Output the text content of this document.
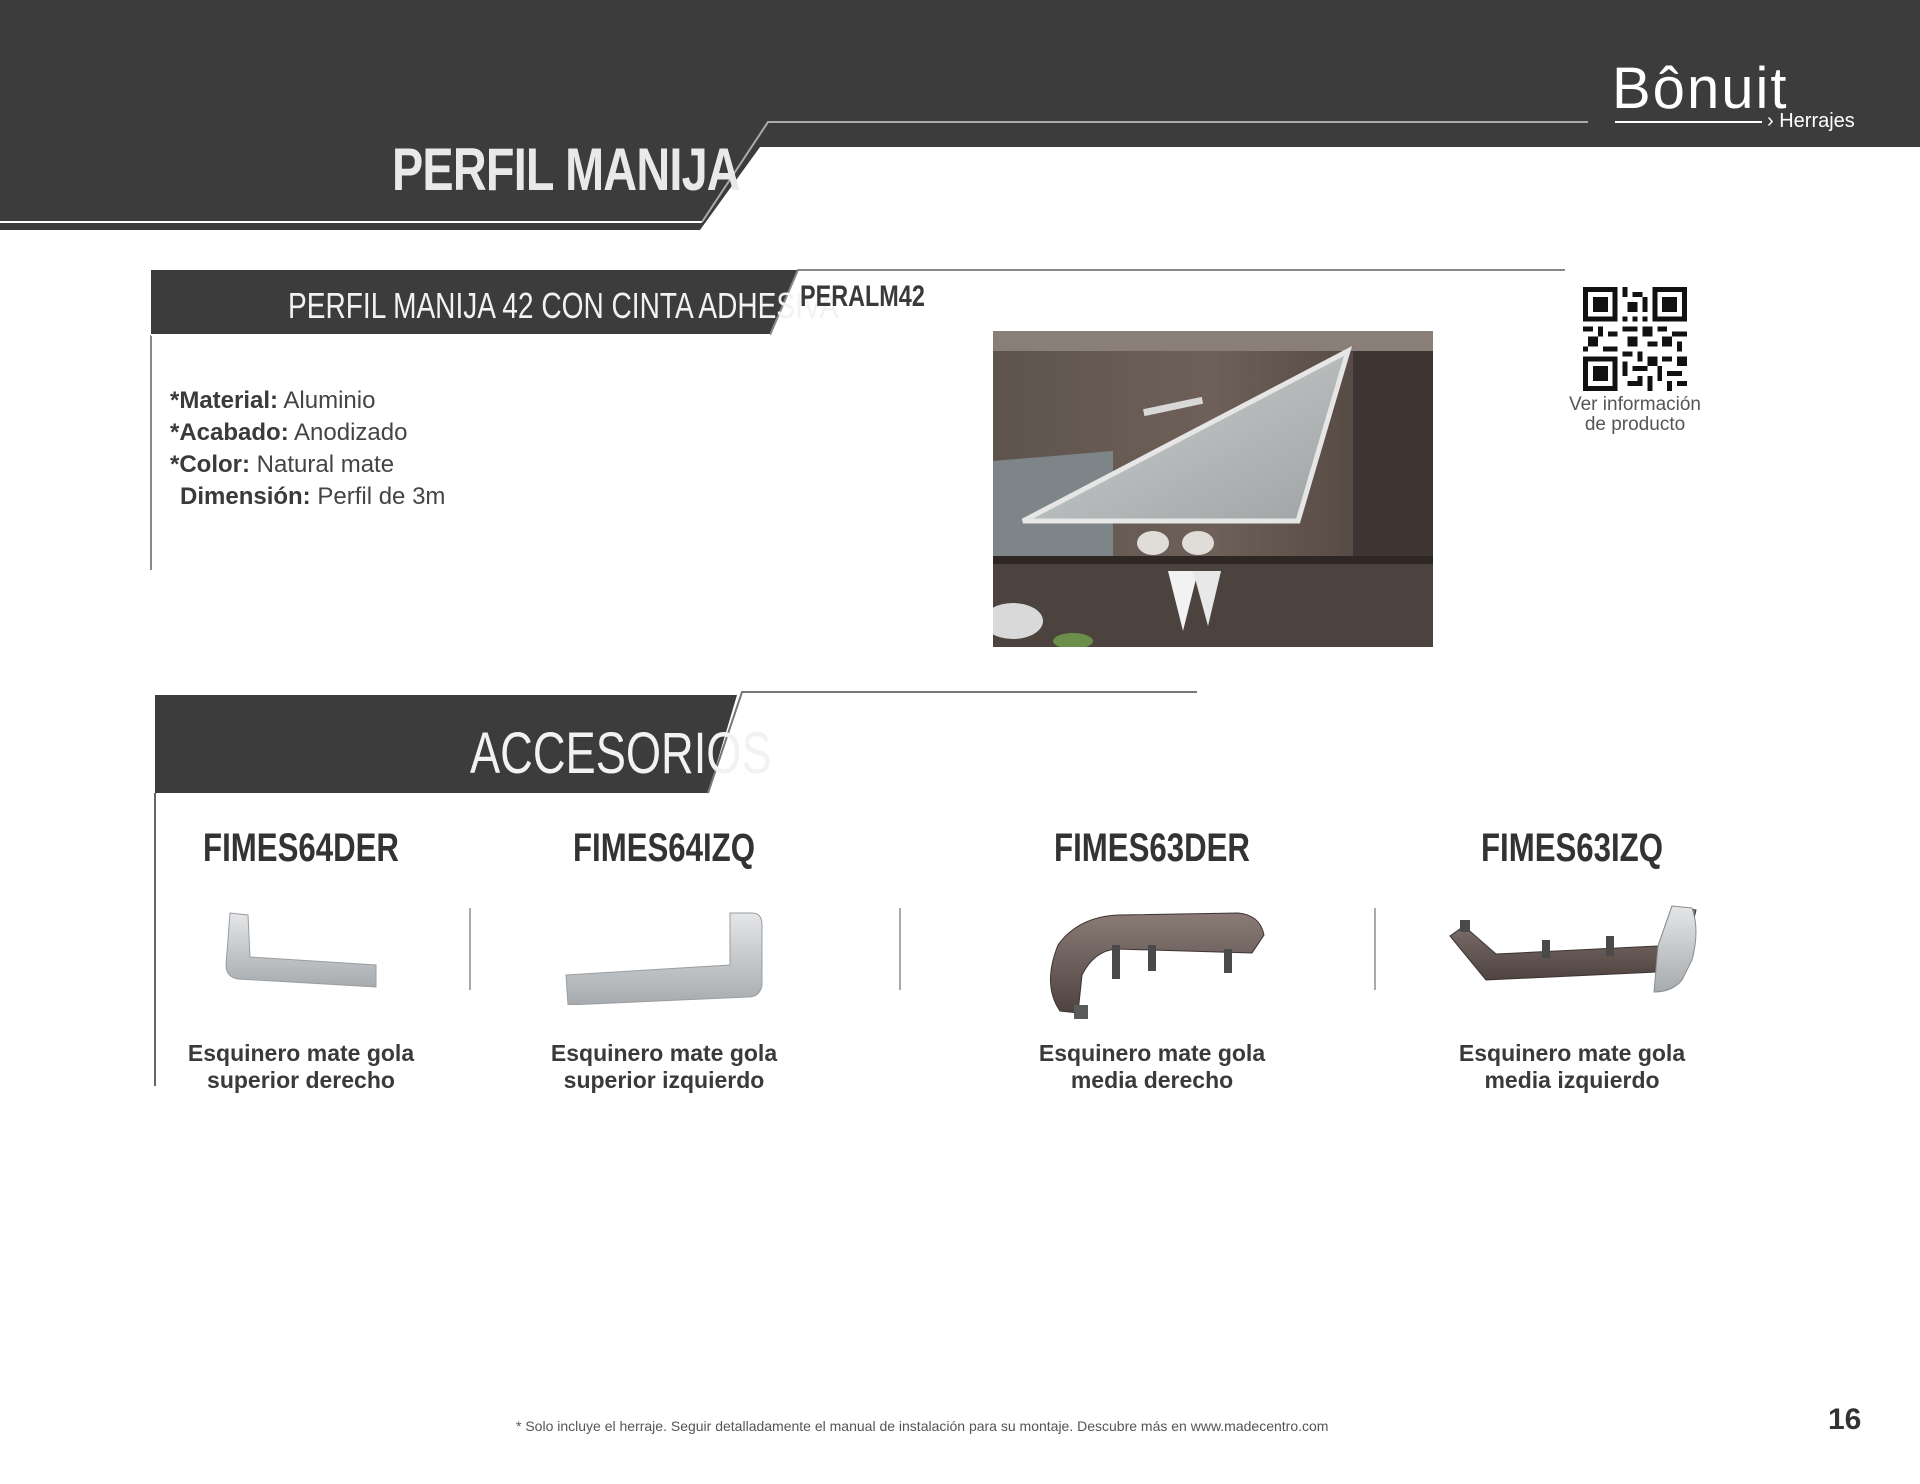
PERFIL MANIJA
Bônuit
› Herrajes
PERFIL MANIJA 42 CON CINTA ADHESIVA
PERALM42
*Material: Aluminio
*Acabado: Anodizado
*Color: Natural mate
Dimensión: Perfil de 3m
Ver información
de producto
ACCESORIOS
FIMES64DER
Esquinero mate gola
superior derecho
FIMES64IZQ
Esquinero mate gola
superior izquierdo
FIMES63DER
Esquinero mate gola
media derecho
FIMES63IZQ
Esquinero mate gola
media izquierdo
* Solo incluye el herraje. Seguir detalladamente el manual de instalación para su montaje. Descubre más en www.madecentro.com	16
